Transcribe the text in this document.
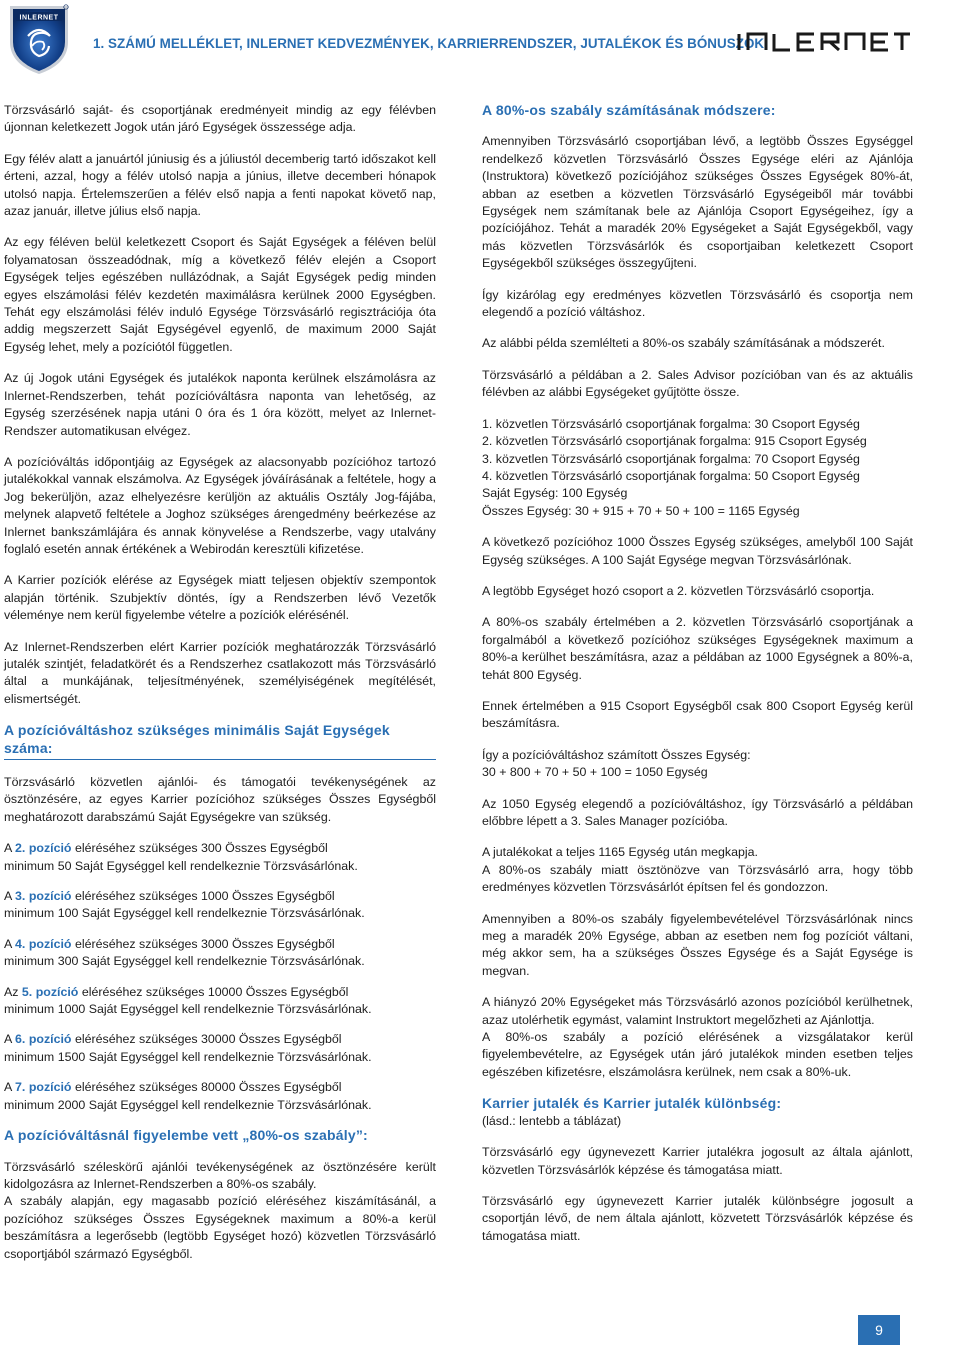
INLERNET
1. SZÁMÚ MELLÉKLET, INLERNET KEDVEZMÉNYEK, KARRIERRENDSZER, JUTALÉKOK ÉS BÓNUSZOK

Törzsvásárló saját- és csoportjának eredményeit mindig az egy félévben újonnan keletkezett Jogok után járó Egységek összessége adja.

Egy félév alatt a januártól júniusig és a júliustól decemberig tartó időszakot kell érteni, azzal, hogy a félév utolsó napja a június, illetve decemberi hónapok utolsó napja. Értelemszerűen a félév első napja a fenti napokat követő nap, azaz január, illetve július első napja.

Az egy féléven belül keletkezett Csoport és Saját Egységek a féléven belül folyamatosan összeadódnak, míg a következő félév elején a Csoport Egységek teljes egészében nullázódnak, a Saját Egységek pedig minden egyes elszámolási félév kezdetén maximálásra kerülnek 2000 Egységben. Tehát egy elszámolási félév induló Egysége Törzsvásárló regisztrációja óta addig megszerzett Saját Egységével egyenlő, de maximum 2000 Saját Egység lehet, mely a pozíciótól független.

Az új Jogok utáni Egységek és jutalékok naponta kerülnek elszámolásra az Inlernet-Rendszerben, tehát pozícióváltásra naponta van lehetőség, az Egység szerzésének napja utáni 0 óra és 1 óra között, melyet az Inlernet-Rendszer automatikusan elvégez.

A pozícióváltás időpontjáig az Egységek az alacsonyabb pozícióhoz tartozó jutalékokkal vannak elszámolva. Az Egységek jóváírásának a feltétele, hogy a Jog bekerüljön, azaz elhelyezésre kerüljön az aktuális Osztály Jog-fájába, melynek alapvető feltétele a Joghoz szükséges árengedmény beérkezése az Inlernet bankszámlájára és annak könyvelése a Rendszerbe, vagy utalvány foglaló esetén annak értékének a Webirodán keresztüli kifizetése.

A Karrier pozíciók elérése az Egységek miatt teljesen objektív szempontok alapján történik. Szubjektív döntés, így a Rendszerben lévő Vezetők véleménye nem kerül figyelembe vételre a pozíciók elérésénél.

Az Inlernet-Rendszerben elért Karrier pozíciók meghatározzák Törzsvásárló jutalék szintjét, feladatkörét és a Rendszerhez csatlakozott más Törzsvásárló által a munkájának, teljesítményének, személyiségének megítélését, elismertségét.

A pozícióváltáshoz szükséges minimális Saját Egységek száma:

Törzsvásárló közvetlen ajánlói- és támogatói tevékenységének az ösztönzésére, az egyes Karrier pozícióhoz szükséges Összes Egységből meghatározott darabszámú Saját Egységekre van szükség.

A 2. pozíció eléréséhez szükséges 300 Összes Egységből
minimum 50 Saját Egységgel kell rendelkeznie Törzsvásárlónak.
A 3. pozíció eléréséhez szükséges 1000 Összes Egységből
minimum 100 Saját Egységgel kell rendelkeznie Törzsvásárlónak.
A 4. pozíció eléréséhez szükséges 3000 Összes Egységből
minimum 300 Saját Egységgel kell rendelkeznie Törzsvásárlónak.
Az 5. pozíció eléréséhez szükséges 10000 Összes Egységből
minimum 1000 Saját Egységgel kell rendelkeznie Törzsvásárlónak.
A 6. pozíció eléréséhez szükséges 30000 Összes Egységből
minimum 1500 Saját Egységgel kell rendelkeznie Törzsvásárlónak.
A 7. pozíció eléréséhez szükséges 80000 Összes Egységből
minimum 2000 Saját Egységgel kell rendelkeznie Törzsvásárlónak.
A pozícióváltásnál figyelembe vett „80%-os szabály”:

Törzsvásárló széleskörű ajánlói tevékenységének az ösztönzésére került kidolgozásra az Inlernet-Rendszerben a 80%-os szabály.

A szabály alapján, egy magasabb pozíció eléréséhez kiszámításánál, a pozícióhoz szükséges Összes Egységeknek maximum a 80%-a kerül beszámításra a legerősebb (legtöbb Egységet hozó) közvetlen Törzsvásárló csoportjából származó Egységből.

A 80%-os szabály számításának módszere:

Amennyiben Törzsvásárló csoportjában lévő, a legtöbb Összes Egységgel rendelkező közvetlen Törzsvásárló Összes Egysége eléri az Ajánlója (Instruktora) következő pozíciójához szükséges Összes Egységek 80%-át, abban az esetben a közvetlen Törzsvásárló Egységeiből már további Egységek nem számítanak bele az Ajánlója Csoport Egységeihez, így a pozíciójához. Tehát a maradék 20% Egységeket a Saját Egységekből, vagy más közvetlen Törzsvásárlók és csoportjaiban keletkezett Csoport Egységekből szükséges összegyűjteni.

Így kizárólag egy eredményes közvetlen Törzsvásárló és csoportja nem elegendő a pozíció váltáshoz.

Az alábbi példa szemlélteti a 80%-os szabály számításának a módszerét.

Törzsvásárló a példában a 2. Sales Advisor pozícióban van és az aktuális félévben az alábbi Egységeket gyűjtötte össze.

1. közvetlen Törzsvásárló csoportjának forgalma: 30 Csoport Egység
2. közvetlen Törzsvásárló csoportjának forgalma: 915 Csoport Egység
3. közvetlen Törzsvásárló csoportjának forgalma: 70 Csoport Egység
4. közvetlen Törzsvásárló csoportjának forgalma: 50 Csoport Egység
Saját Egység: 100 Egység
Összes Egység: 30 + 915 + 70 + 50 + 100 = 1165 Egység

A következő pozícióhoz 1000 Összes Egység szükséges, amelyből 100 Saját Egység szükséges. A 100 Saját Egysége megvan Törzsvásárlónak.

A legtöbb Egységet hozó csoport a 2. közvetlen Törzsvásárló csoportja.

A 80%-os szabály értelmében a 2. közvetlen Törzsvásárló csoportjának a forgalmából a következő pozícióhoz szükséges Egységeknek maximum a 80%-a kerülhet beszámításra, azaz a példában az 1000 Egységnek a 80%-a, tehát 800 Egység.

Ennek értelmében a 915 Csoport Egységből csak 800 Csoport Egység kerül beszámításra.

Így a pozícióváltáshoz számított Összes Egység:
30 + 800 + 70 + 50 + 100 = 1050 Egység

Az 1050 Egység elegendő a pozícióváltáshoz, így Törzsvásárló a példában előbbre lépett a 3. Sales Manager pozícióba.

A jutalékokat a teljes 1165 Egység után megkapja.

A 80%-os szabály miatt ösztönözve van Törzsvásárló arra, hogy több eredményes közvetlen Törzsvásárlót építsen fel és gondozzon.

Amennyiben a 80%-os szabály figyelembevételével Törzsvásárlónak nincs meg a maradék 20% Egysége, abban az esetben nem fog pozíciót váltani, még akkor sem, ha a szükséges Összes Egysége és a Saját Egysége is megvan.

A hiányzó 20% Egységeket más Törzsvásárló azonos pozícióból kerülhetnek, azaz utolérhetik egymást, valamint Instruktort megelőzheti az Ajánlottja.

A 80%-os szabály a pozíció elérésének a vizsgálatakor kerül figyelembevételre, az Egységek után járó jutalékok minden esetben teljes egészében kifizetésre, elszámolásra kerülnek, nem csak a 80%-uk.

Karrier jutalék és Karrier jutalék különbség:

(lásd.: lentebb a táblázat)

Törzsvásárló egy úgynevezett Karrier jutalékra jogosult az általa ajánlott, közvetlen Törzsvásárlók képzése és támogatása miatt.

Törzsvásárló egy úgynevezett Karrier jutalék különbségre jogosult a csoportján lévő, de nem általa ajánlott, közvetett Törzsvásárlók képzése és támogatása miatt.

9
